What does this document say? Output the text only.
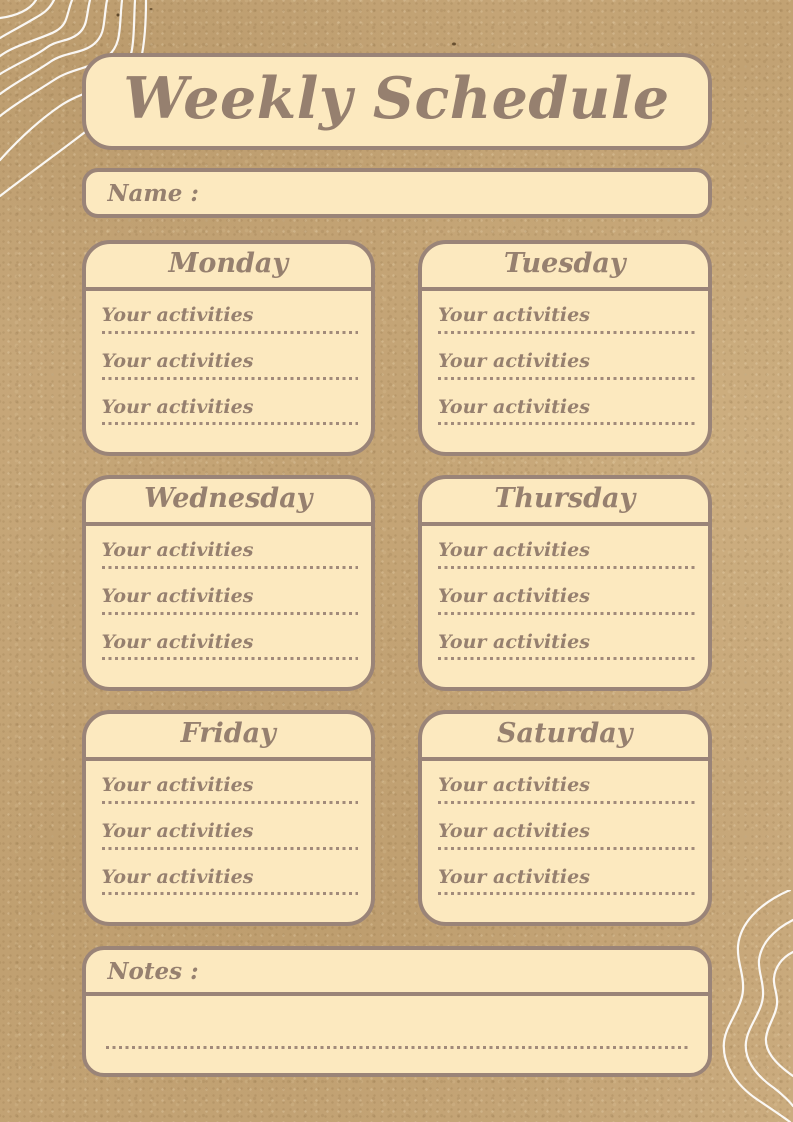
Weekly Schedule
Name :
Monday
Your activities
Your activities
Your activities
Tuesday
Your activities
Your activities
Your activities
Wednesday
Your activities
Your activities
Your activities
Thursday
Your activities
Your activities
Your activities
Friday
Your activities
Your activities
Your activities
Saturday
Your activities
Your activities
Your activities
Notes :
